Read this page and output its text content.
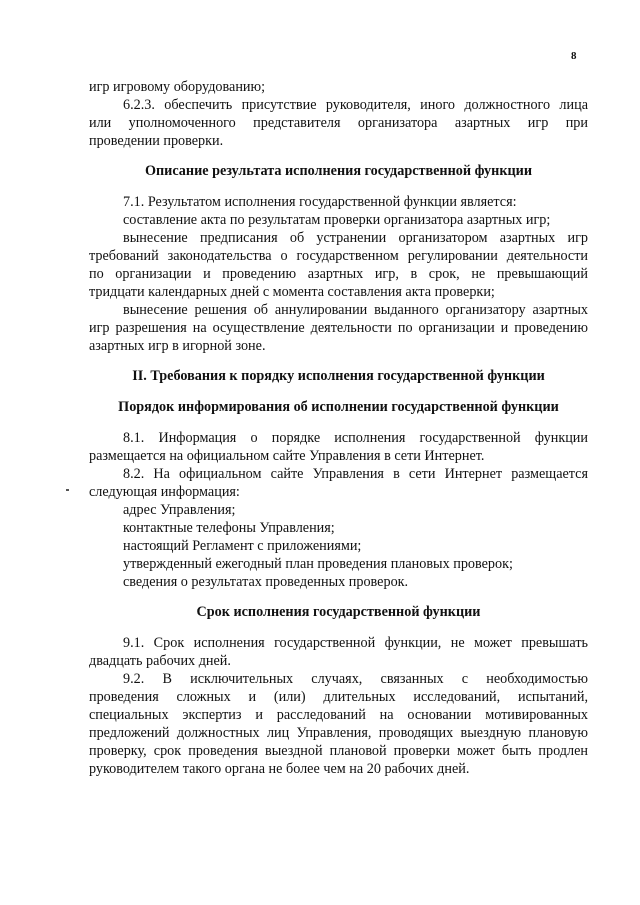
8
игр игровому оборудованию;
6.2.3. обеспечить присутствие руководителя, иного должностного лица
или уполномоченного представителя организатора азартных игр при
проведении проверки.
Описание результата исполнения государственной функции
7.1. Результатом исполнения государственной функции является:
составление акта по результатам проверки организатора азартных игр;
вынесение предписания об устранении организатором азартных игр
требований законодательства о государственном регулировании деятельности
по организации и проведению азартных игр, в срок, не превышающий
тридцати календарных дней с момента составления акта проверки;
вынесение решения об аннулировании выданного организатору азартных
игр разрешения на осуществление деятельности по организации и проведению
азартных игр в игорной зоне.
II. Требования к порядку исполнения государственной функции
Порядок информирования об исполнении государственной функции
8.1. Информация о порядке исполнения государственной функции
размещается на официальном сайте Управления в сети Интернет.
8.2. На официальном сайте Управления в сети Интернет размещается
следующая информация:
адрес Управления;
контактные телефоны Управления;
настоящий Регламент с приложениями;
утвержденный ежегодный план проведения плановых проверок;
сведения о результатах проведенных проверок.
Срок исполнения государственной функции
9.1. Срок исполнения государственной функции, не может превышать
двадцать рабочих дней.
9.2. В исключительных случаях, связанных с необходимостью
проведения сложных и (или) длительных исследований, испытаний,
специальных экспертиз и расследований на основании мотивированных
предложений должностных лиц Управления, проводящих выездную плановую
проверку, срок проведения выездной плановой проверки может быть продлен
руководителем такого органа не более чем на 20 рабочих дней.
